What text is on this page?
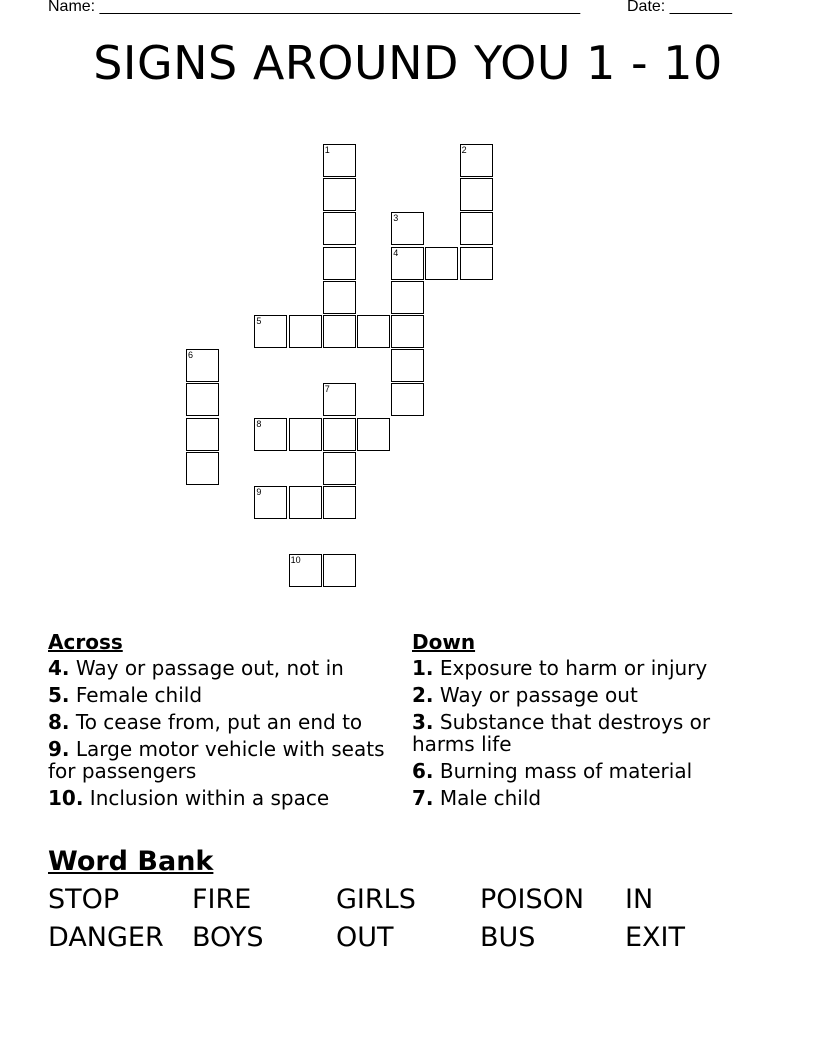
Name: ______________________________________________________	Date: _______
SIGNS AROUND YOU 1 - 10
1	2
3
4
5
6
7
8
9
10
Across
4. Way or passage out, not in
5. Female child
8. To cease from, put an end to
9. Large motor vehicle with seats for passengers
10. Inclusion within a space
Down
1. Exposure to harm or injury
2. Way or passage out
3. Substance that destroys or harms life
6. Burning mass of material
7. Male child
Word Bank
STOP	FIRE	GIRLS POISON IN
DANGER BOYS	OUT	BUS	EXIT
